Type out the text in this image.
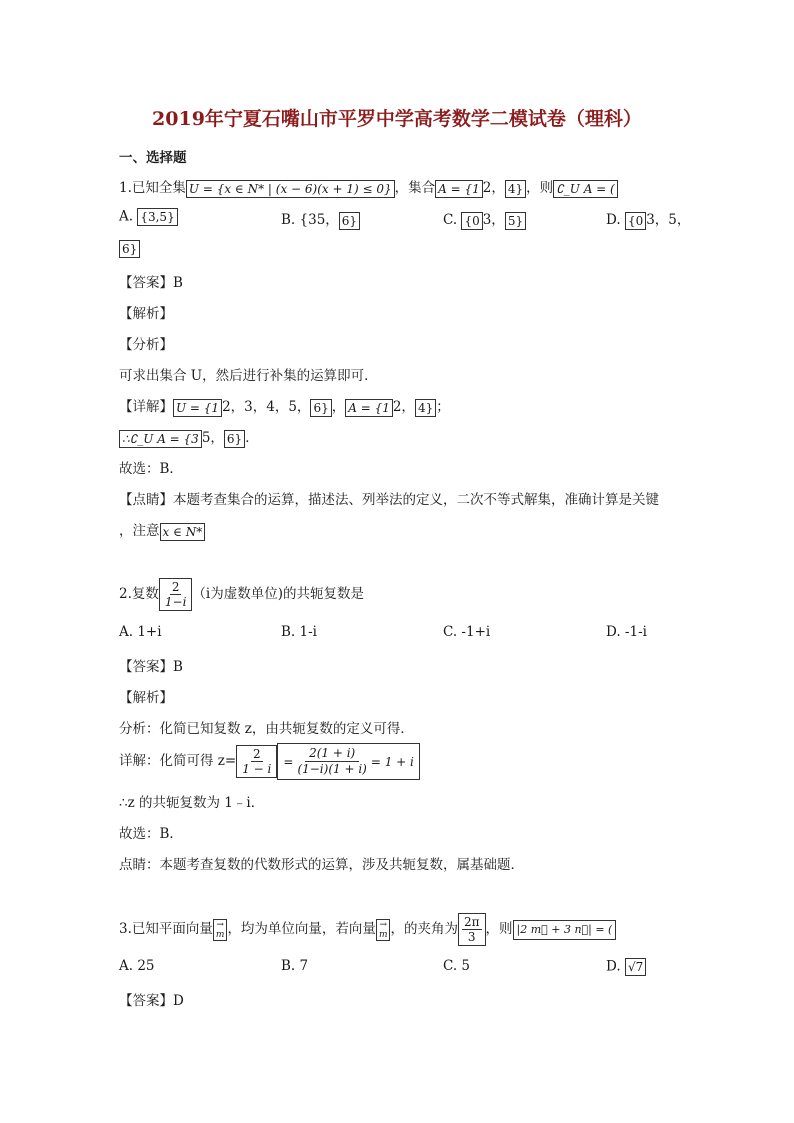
2019年宁夏石嘴山市平罗中学高考数学二模试卷（理科）
一、选择题
1.已知全集 U = {x ∈ N* | (x − 6)(x + 1) ≤ 0} ，集合 A = {1 2， 4} ，则 ∁_U A = (
A. {3,5}	B. {35， 6}	C. {0 3， 5}	D. {0 3，5，
6}
【答案】B
【解析】
【分析】
可求出集合 U，然后进行补集的运算即可．
【详解】 U = {1 2，3，4，5， 6} ， A = {1 2， 4} ；
∴∁_U A = {3 5， 6} ．
故选：B．
【点睛】本题考查集合的运算，描述法、列举法的定义，二次不等式解集，准确计算是关键
，注意 x ∈ N*
2.复数 $\frac{2}{1-i} (i$为虚数单位)的共轭复数是
A. 1+i	B. 1-i	C. -1+i	D. -1-i
【答案】B
【解析】
分析：化简已知复数 z，由共轭复数的定义可得．
详解：化简可得 $z= \frac{2}{1 - i} = \frac{2(1 + i)}{(1-i)(1 + i)} = 1 + i$
∴z 的共轭复数为 1﹣i．
故选：B．
点睛：本题考查复数的代数形式的运算，涉及共轭复数，属基础题．
3.已知平面向量 →
m ，均为单位向量，若向量 →
m ，的夹角为 $\frac{2\pi}{3}$ ，则 |2 m⃗ + 3 n⃗| = (
A. 25	B. 7	C. 5	D. √7
【答案】D
